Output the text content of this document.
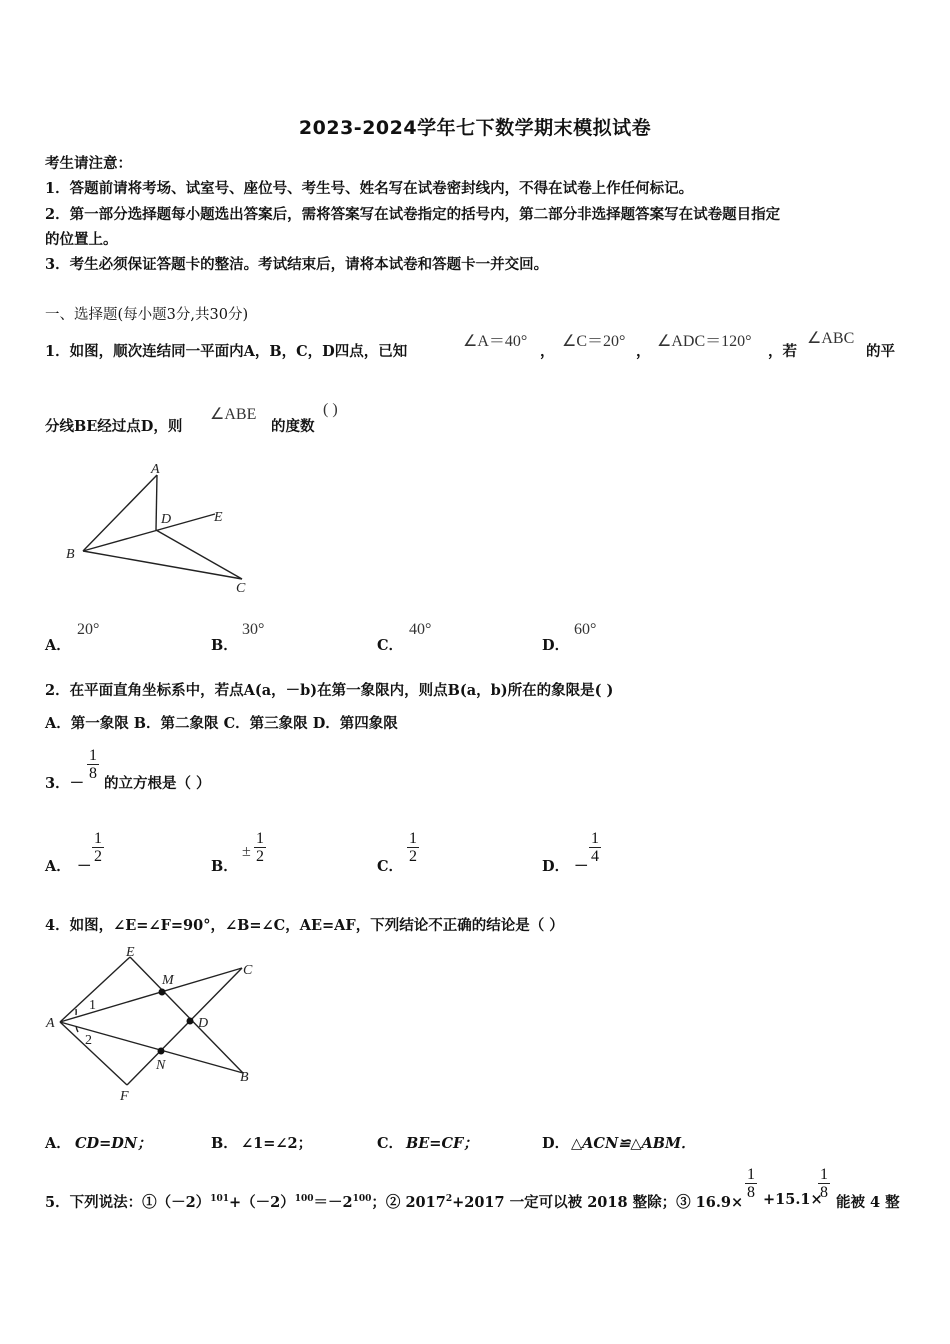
2023-2024学年七下数学期末模拟试卷
考生请注意：
1．答题前请将考场、试室号、座位号、考生号、姓名写在试卷密封线内，不得在试卷上作任何标记。
2．第一部分选择题每小题选出答案后，需将答案写在试卷指定的括号内，第二部分非选择题答案写在试卷题目指定
的位置上。
3．考生必须保证答题卡的整洁。考试结束后，请将本试卷和答题卡一并交回。
一、选择题(每小题3分,共30分)
1．如图，顺次连结同一平面内A，B，C，D四点，已知
∠A＝40°
，
∠C＝20°
，
∠ADC＝120°
，若
∠ABC
的平
分线BE经过点D，则
∠ABE
的度数
( )
A
B
C
D	E
A．
20°
B．
30°
C．
40°
D．
60°
2．在平面直角坐标系中，若点A(a，－b)在第一象限内，则点B(a，b)所在的象限是( )
A．第一象限 B．第二象限 C．第三象限 D．第四象限
3．－
$\frac{1}{8}$
的立方根是（ ）
A． －
$\frac{1}{2}$
B．
± $\frac{1}{2}$
C．
$\frac{1}{2}$
D． －
$\frac{1}{4}$
4．如图，∠E=∠F=90°，∠B=∠C，AE=AF，下列结论不正确的结论是（ ）
A
B
C
D
E
F
M
N
1
2
A． CD=DN；	B． ∠1=∠2；	C． BE=CF；	D． △ACN≌△ABM．
5．下列说法：$①(-2)^{101}+(-2)^{100}=-2^{100}$；② $2017^2+2017$ 一定可以被 2018 整除；③ 16.9×
$\frac{1}{8} +15.1\times$
$\frac{1}{8}$
能被 4 整
